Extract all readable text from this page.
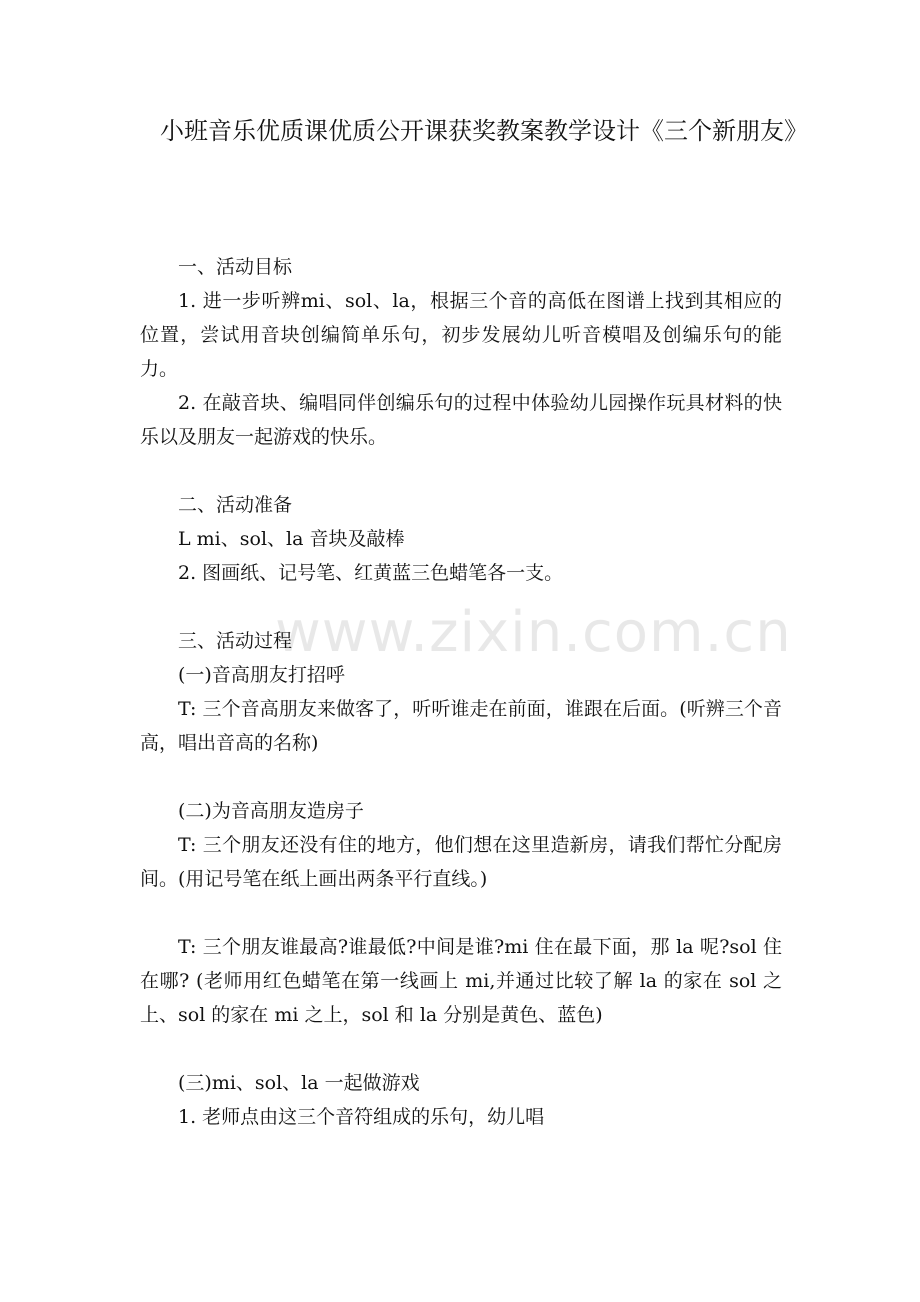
小班音乐优质课优质公开课获奖教案教学设计《三个新朋友》

一、活动目标

1. 进一步听辨mi、sol、la，根据三个音的高低在图谱上找到其相应的位置，尝试用音块创编简单乐句，初步发展幼儿听音模唱及创编乐句的能力。

2. 在敲音块、编唱同伴创编乐句的过程中体验幼儿园操作玩具材料的快乐以及朋友一起游戏的快乐。

二、活动准备

L mi、sol、la 音块及敲棒

2. 图画纸、记号笔、红黄蓝三色蜡笔各一支。

三、活动过程

(一)音高朋友打招呼

T: 三个音高朋友来做客了，听听谁走在前面，谁跟在后面。(听辨三个音高，唱出音高的名称)

(二)为音高朋友造房子

T: 三个朋友还没有住的地方，他们想在这里造新房，请我们帮忙分配房间。(用记号笔在纸上画出两条平行直线。)

T: 三个朋友谁最高?谁最低?中间是谁?mi 住在最下面，那 la 呢?sol 住在哪? (老师用红色蜡笔在第一线画上 mi,并通过比较了解 la 的家在 sol 之上、sol 的家在 mi 之上，sol 和 la 分别是黄色、蓝色)

(三)mi、sol、la 一起做游戏

1. 老师点由这三个音符组成的乐句，幼儿唱

www.zixin.com.cn
